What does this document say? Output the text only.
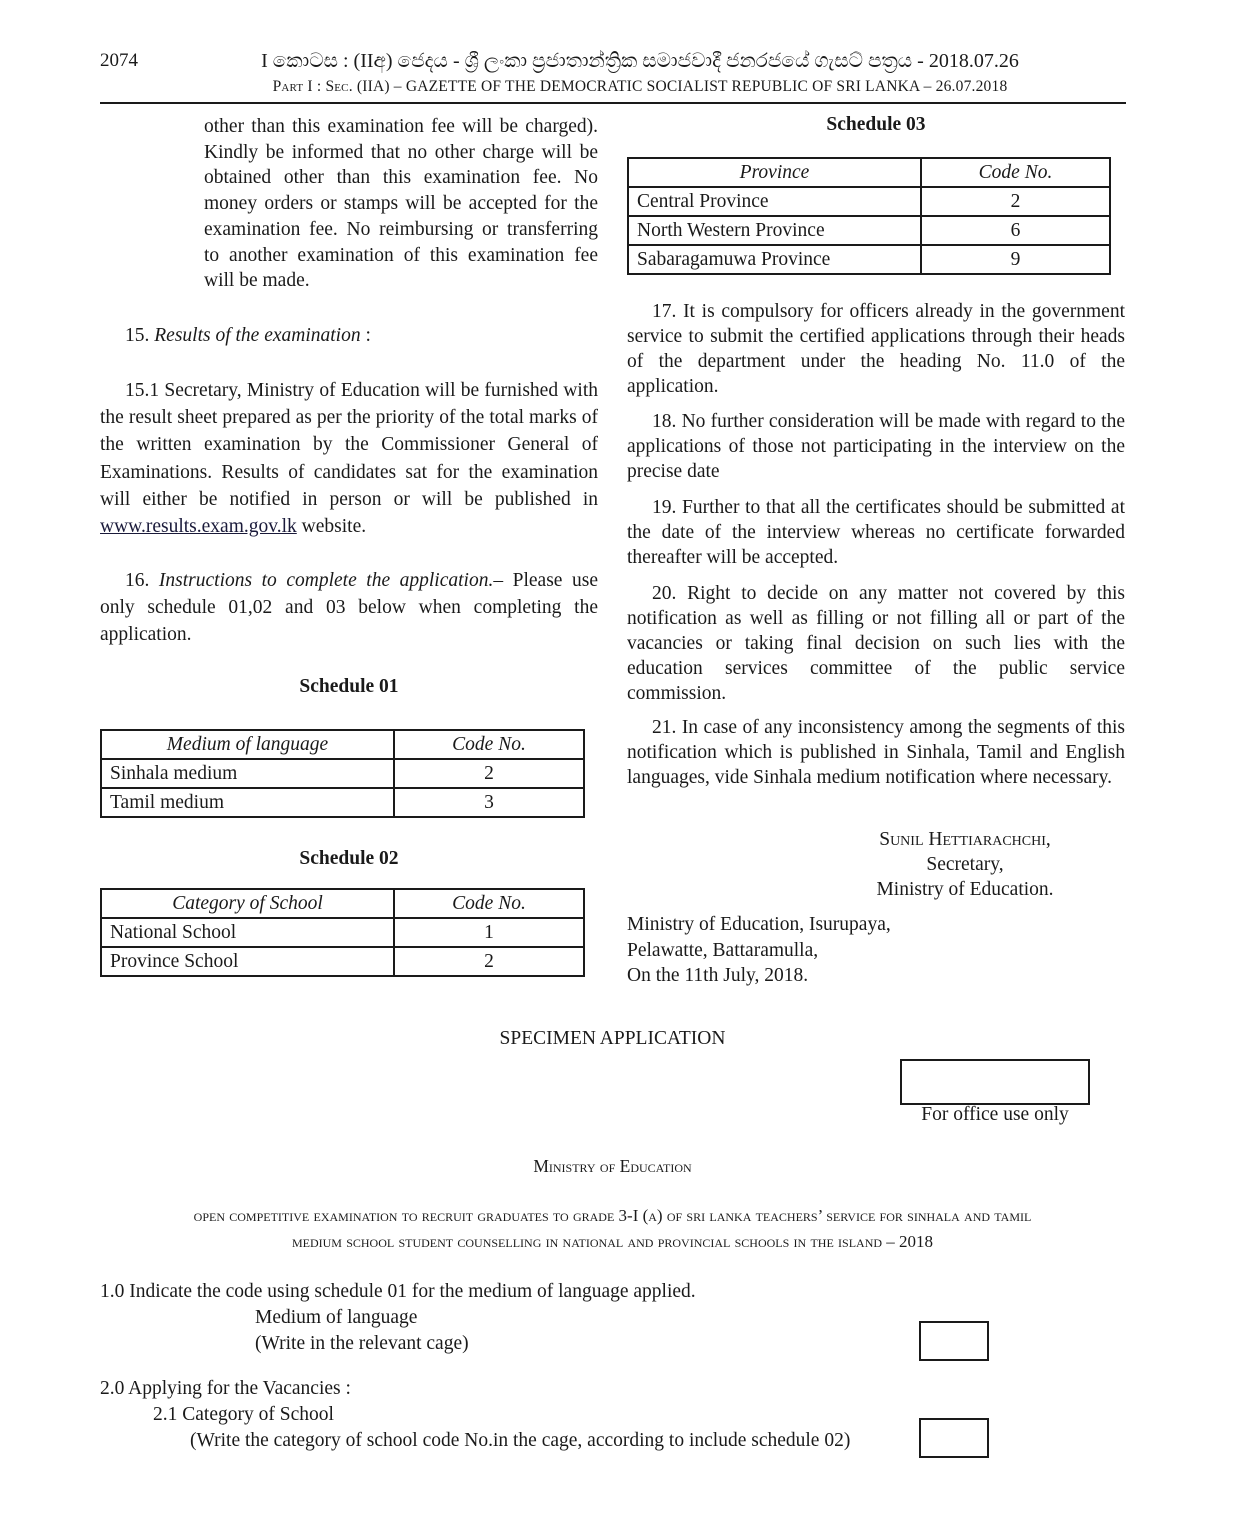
2074	I කොටස : (IIඅ) ජෙදය - ශ්‍රී ලංකා ප්‍රජාතාන්ත්‍රික සමාජවාදී ජනරජයේ ගැසට් පත්‍රය - 2018.07.26
Part I : Sec. (IIA) – GAZETTE OF THE DEMOCRATIC SOCIALIST REPUBLIC OF SRI LANKA – 26.07.2018

other than this examination fee will be charged). Kindly be informed that no other charge will be obtained other than this examination fee. No money orders or stamps will be accepted for the examination fee. No reimbursing or transferring to another examination of this examination fee will be made.

15. Results of the examination :

15.1 Secretary, Ministry of Education will be furnished with the result sheet prepared as per the priority of the total marks of the written examination by the Commissioner General of Examinations. Results of candidates sat for the examination will either be notified in person or will be published in www.results.exam.gov.lk website.

16. Instructions to complete the application.– Please use only schedule 01,02 and 03 below when completing the application.

Schedule 01
Medium of language	Code No.
Sinhala medium	2
Tamil medium	3
Schedule 02
Category of School	Code No.
National School	1
Province School	2
Schedule 03
Province	Code No.
Central Province	2
North Western Province	6
Sabaragamuwa Province	9

17. It is compulsory for officers already in the government service to submit the certified applications through their heads of the department under the heading No. 11.0 of the application.

18. No further consideration will be made with regard to the applications of those not participating in the interview on the precise date

19. Further to that all the certificates should be submitted at the date of the interview whereas no certificate forwarded thereafter will be accepted.

20. Right to decide on any matter not covered by this notification as well as filling or not filling all or part of the vacancies or taking final decision on such lies with the education services committee of the public service commission.

21. In case of any inconsistency among the segments of this notification which is published in Sinhala, Tamil and English languages, vide Sinhala medium notification where necessary.

Sunil Hettiarachchi,
Secretary,
Ministry of Education.
Ministry of Education, Isurupaya,
Pelawatte, Battaramulla,
On the 11th July, 2018.
SPECIMEN APPLICATION
For office use only
Ministry of Education
open competitive examination to recruit graduates to grade 3-I (a) of sri lanka teachers’ service for sinhala and tamil
medium school student counselling in national and provincial schools in the island – 2018
1.0 Indicate the code using schedule 01 for the medium of language applied.
Medium of language
(Write in the relevant cage)
2.0 Applying for the Vacancies :
2.1 Category of School
(Write the category of school code No.in the cage, according to include schedule 02)
